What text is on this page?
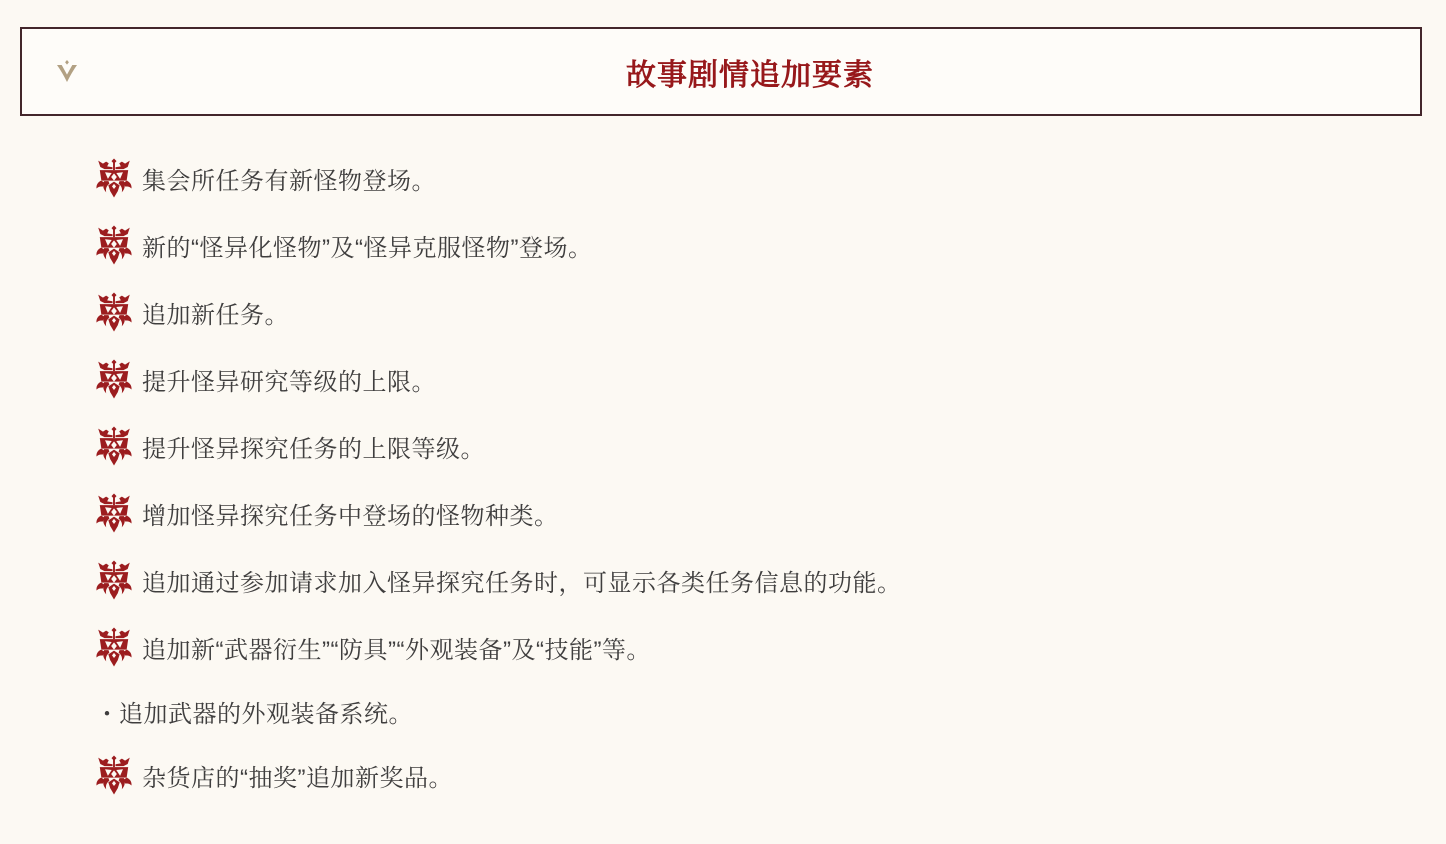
故事剧情追加要素
集会所任务有新怪物登场。
新的“怪异化怪物”及“怪异克服怪物”登场。
追加新任务。
提升怪异研究等级的上限。
提升怪异探究任务的上限等级。
增加怪异探究任务中登场的怪物种类。
追加通过参加请求加入怪异探究任务时，可显示各类任务信息的功能。
追加新“武器衍生”“防具”“外观装备”及“技能”等。
・ 追加武器的外观装备系统。
杂货店的“抽奖”追加新奖品。
